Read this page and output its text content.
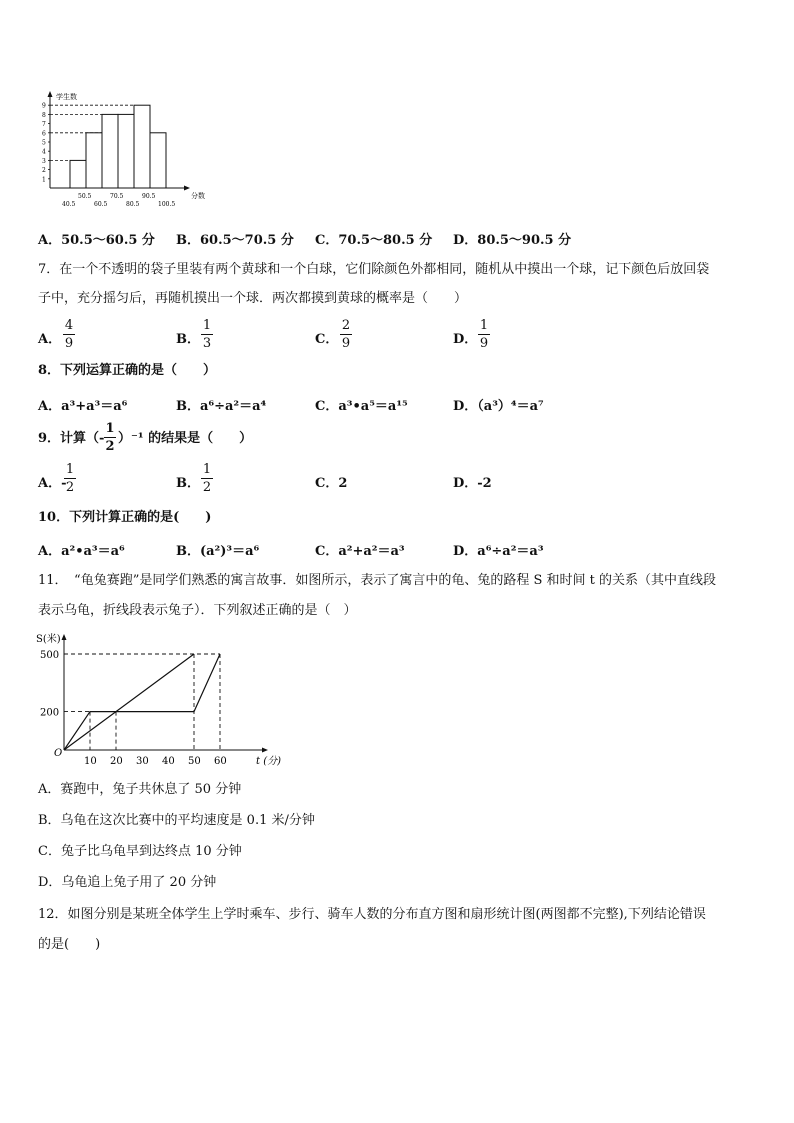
学生数
分数
1
2
3
4
5
6
7
8
9
40.5	60.5	80.5	100.5
50.5	70.5	90.5
A．50.5～60.5 分 B．60.5～70.5 分 C．70.5～80.5 分 D．80.5～90.5 分
7．在一个不透明的袋子里装有两个黄球和一个白球，它们除颜色外都相同，随机从中摸出一个球，记下颜色后放回袋
子中，充分摇匀后，再随机摸出一个球．两次都摸到黄球的概率是（　　）
A．
4
9	B．
1
3	C．
2
9	D．
1
9
8．下列运算正确的是（　　）
A．a³+a³＝a⁶	B．a⁶÷a²＝a⁴	C．a³•a⁵＝a¹⁵	D．（a³）⁴＝a⁷
9．计算（-
1
2
）⁻¹ 的结果是（　　）
A．-
1
2	B．
1
2	C．2	D．-2
10．下列计算正确的是(　　)
A．a²•a³＝a⁶	B．(a²)³＝a⁶	C．a²+a²＝a³	D．a⁶÷a²＝a³
11．　“龟兔赛跑”是同学们熟悉的寓言故事．如图所示，表示了寓言中的龟、兔的路程 S 和时间 t 的关系（其中直线段
表示乌龟，折线段表示兔子）．下列叙述正确的是（　）
S(米)
t (分)
O
200
500
10 20 30 40 50 60
A．赛跑中，兔子共休息了 50 分钟
B．乌龟在这次比赛中的平均速度是 0.1 米/分钟
C．兔子比乌龟早到达终点 10 分钟
D．乌龟追上兔子用了 20 分钟
12．如图分别是某班全体学生上学时乘车、步行、骑车人数的分布直方图和扇形统计图(两图都不完整),下列结论错误
的是(　　)
